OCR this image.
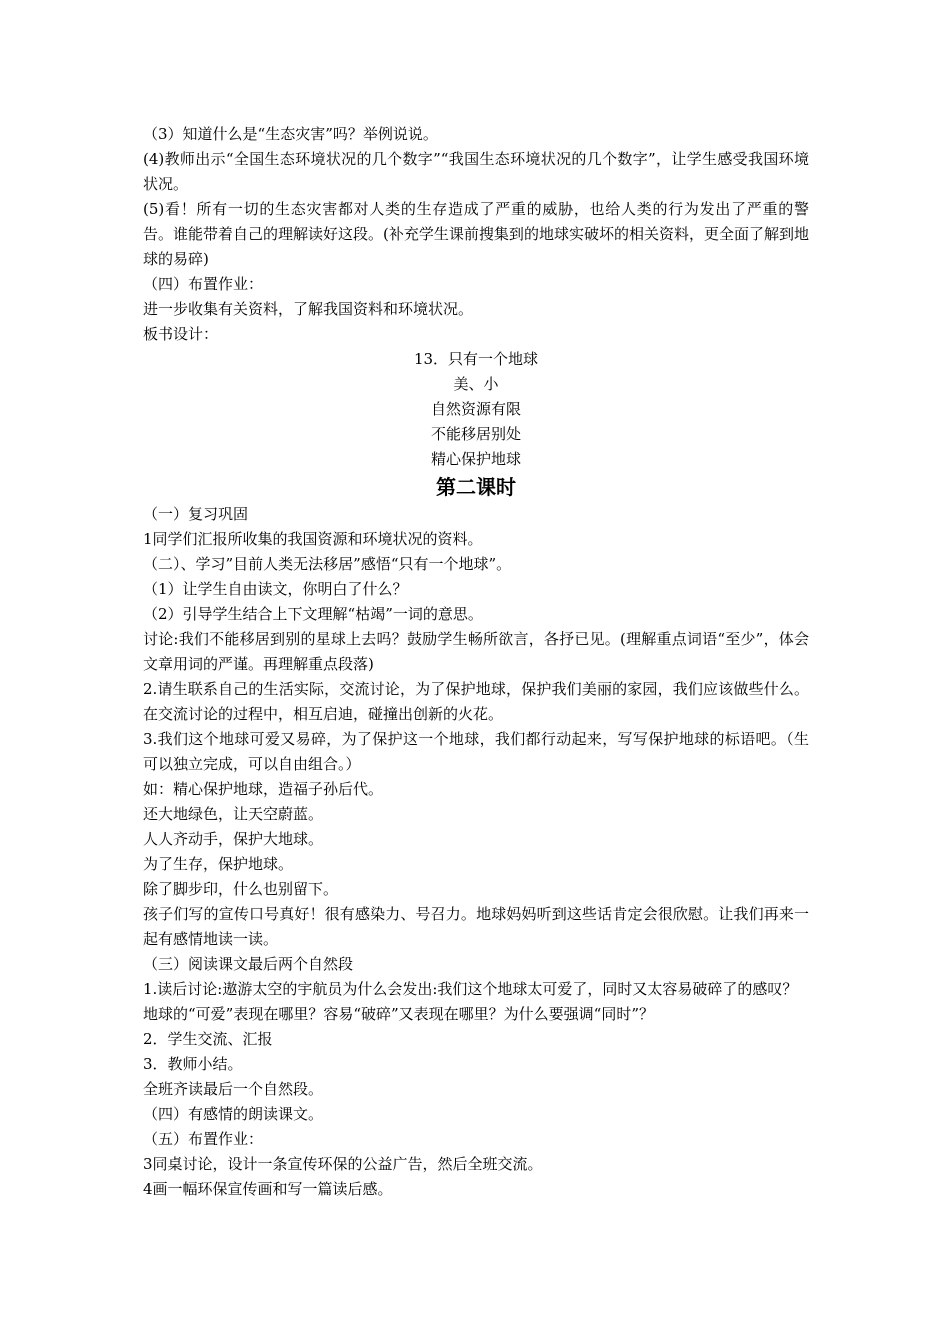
（3）知道什么是“生态灾害”吗？举例说说。
(4)教师出示“全国生态环境状况的几个数字”“我国生态环境状况的几个数字”，让学生感受我国环境状况。
(5)看！所有一切的生态灾害都对人类的生存造成了严重的威胁，也给人类的行为发出了严重的警告。谁能带着自己的理解读好这段。(补充学生课前搜集到的地球实破坏的相关资料，更全面了解到地球的易碎)
（四）布置作业：
进一步收集有关资料，了解我国资料和环境状况。
板书设计：
13．只有一个地球
美、小
自然资源有限
不能移居别处
精心保护地球
第二课时
（一）复习巩固
1同学们汇报所收集的我国资源和环境状况的资料。
（二）、学习”目前人类无法移居”感悟“只有一个地球”。
（1）让学生自由读文，你明白了什么？
（2）引导学生结合上下文理解“枯竭”一词的意思。
讨论:我们不能移居到别的星球上去吗？鼓励学生畅所欲言，各抒已见。(理解重点词语“至少”，体会文章用词的严谨。再理解重点段落)
2.请生联系自己的生活实际，交流讨论，为了保护地球，保护我们美丽的家园，我们应该做些什么。在交流讨论的过程中，相互启迪，碰撞出创新的火花。
3.我们这个地球可爱又易碎，为了保护这一个地球，我们都行动起来，写写保护地球的标语吧。（生可以独立完成，可以自由组合。）
如：精心保护地球，造福子孙后代。
还大地绿色，让天空蔚蓝。
人人齐动手，保护大地球。
为了生存，保护地球。
除了脚步印，什么也别留下。
孩子们写的宣传口号真好！很有感染力、号召力。地球妈妈听到这些话肯定会很欣慰。让我们再来一起有感情地读一读。
（三）阅读课文最后两个自然段
1.读后讨论:遨游太空的宇航员为什么会发出:我们这个地球太可爱了，同时又太容易破碎了的感叹？
地球的“可爱”表现在哪里？容易“破碎”又表现在哪里？为什么要强调“同时”？
2．学生交流、汇报
3．教师小结。
全班齐读最后一个自然段。
（四）有感情的朗读课文。
（五）布置作业：
3同桌讨论，设计一条宣传环保的公益广告，然后全班交流。
4画一幅环保宣传画和写一篇读后感。
